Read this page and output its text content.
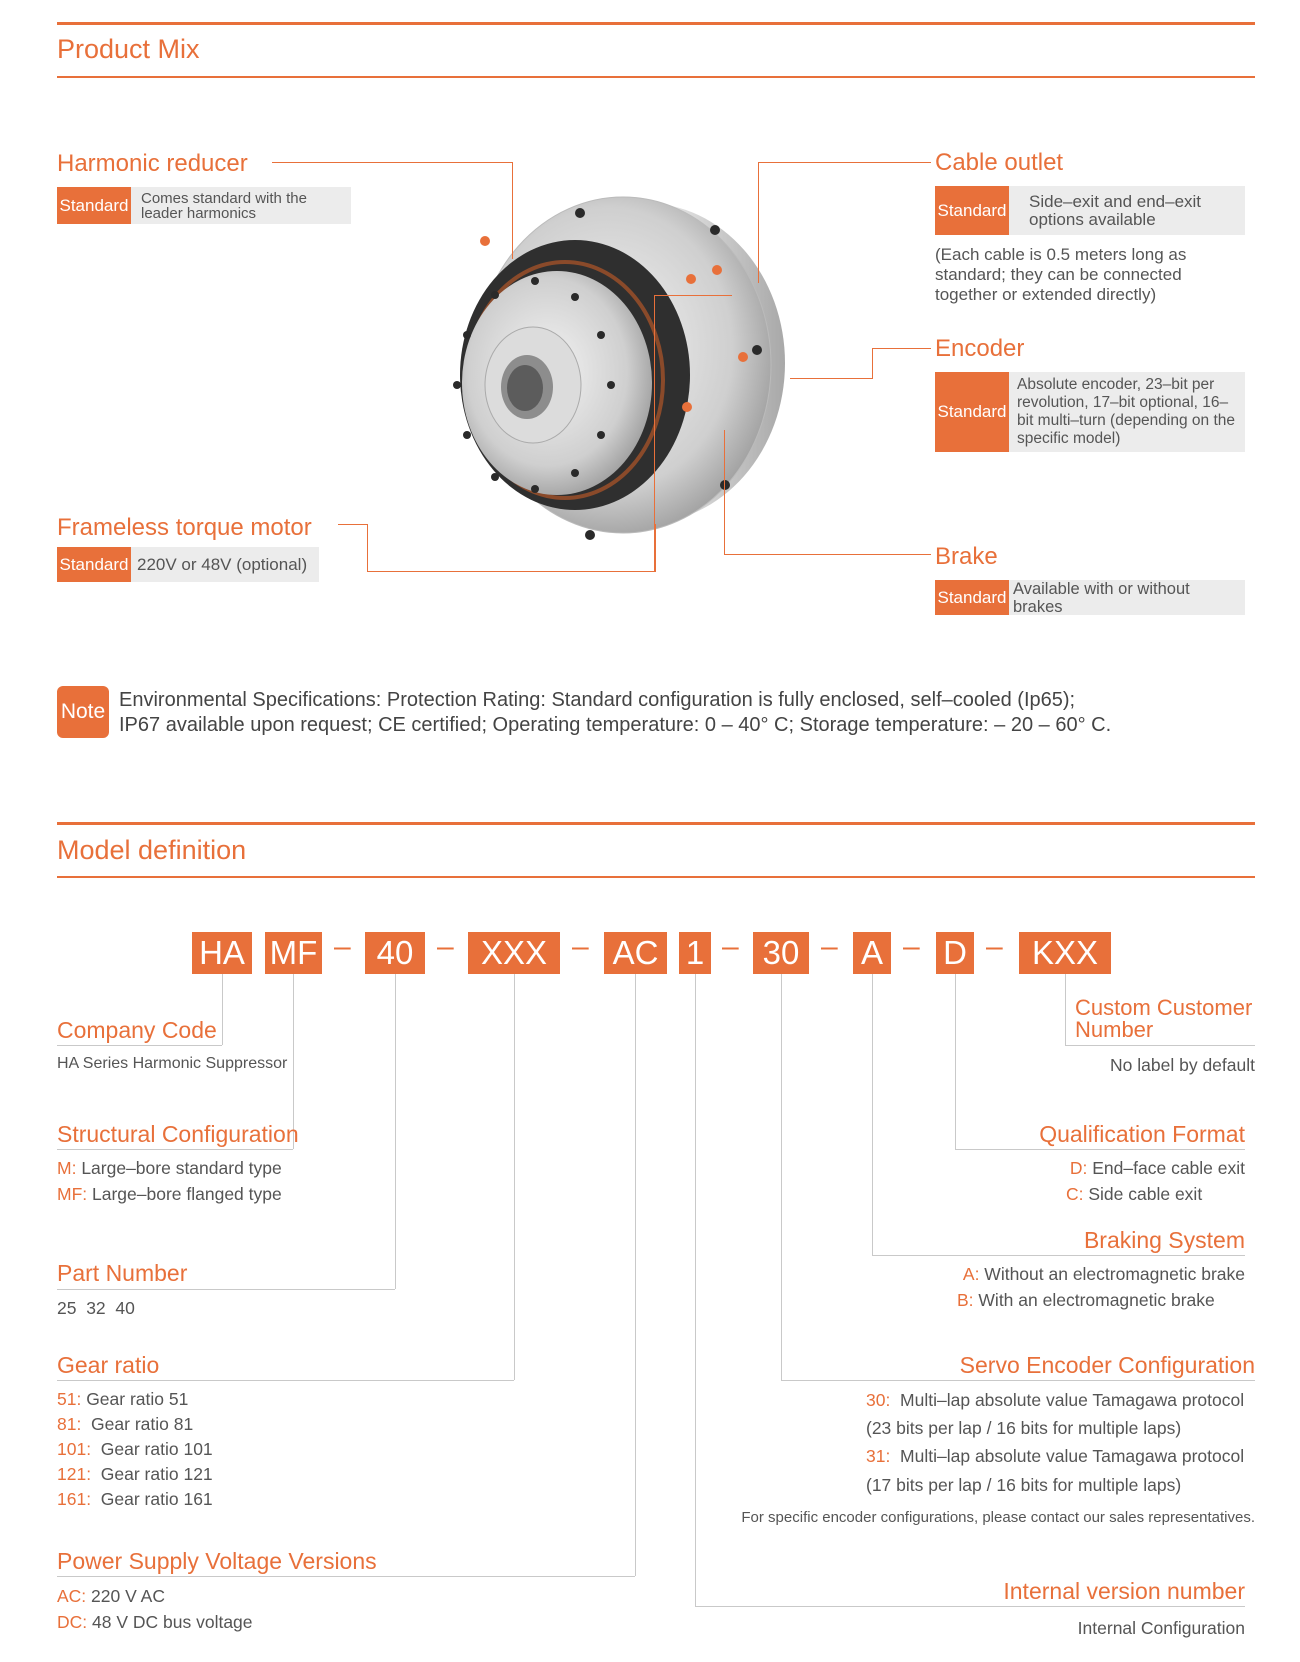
Product Mix
Harmonic reducer
Standard Comes standard with the leader harmonics
Frameless torque motor
Standard 220V or 48V (optional)
Cable outlet
Standard	Side–exit and end–exit options available
(Each cable is 0.5 meters long as standard; they can be connected together or extended directly)
Encoder
Standard
Absolute encoder, 23–bit per revolution, 17–bit optional, 16–bit multi–turn (depending on the specific model)
Brake
Standard Available with or without brakes
Note Environmental Specifications: Protection Rating: Standard configuration is fully enclosed, self–cooled (Ip65);
IP67 available upon request; CE certified; Operating temperature: 0 – 40° C; Storage temperature: – 20 – 60° C.
Model definition
HA MF – 40 – XXX – AC 1 – 30 – A – D – KXX
Company Code
HA Series Harmonic Suppressor
Structural Configuration
M: Large–bore standard type
MF: Large–bore flanged type
Part Number
25  32  40
Gear ratio
51: Gear ratio 51
81:  Gear ratio 81
101:  Gear ratio 101
121:  Gear ratio 121
161:  Gear ratio 161
Power Supply Voltage Versions
AC: 220 V AC
DC: 48 V DC bus voltage
Custom Customer
Number
No label by default
Qualification Format
D: End–face cable exit
C: Side cable exit
Braking System
A: Without an electromagnetic brake
B: With an electromagnetic brake
Servo Encoder Configuration
30:  Multi–lap absolute value Tamagawa protocol
(23 bits per lap / 16 bits for multiple laps)
31:  Multi–lap absolute value Tamagawa protocol
(17 bits per lap / 16 bits for multiple laps)
For specific encoder configurations, please contact our sales representatives.
Internal version number
Internal Configuration
